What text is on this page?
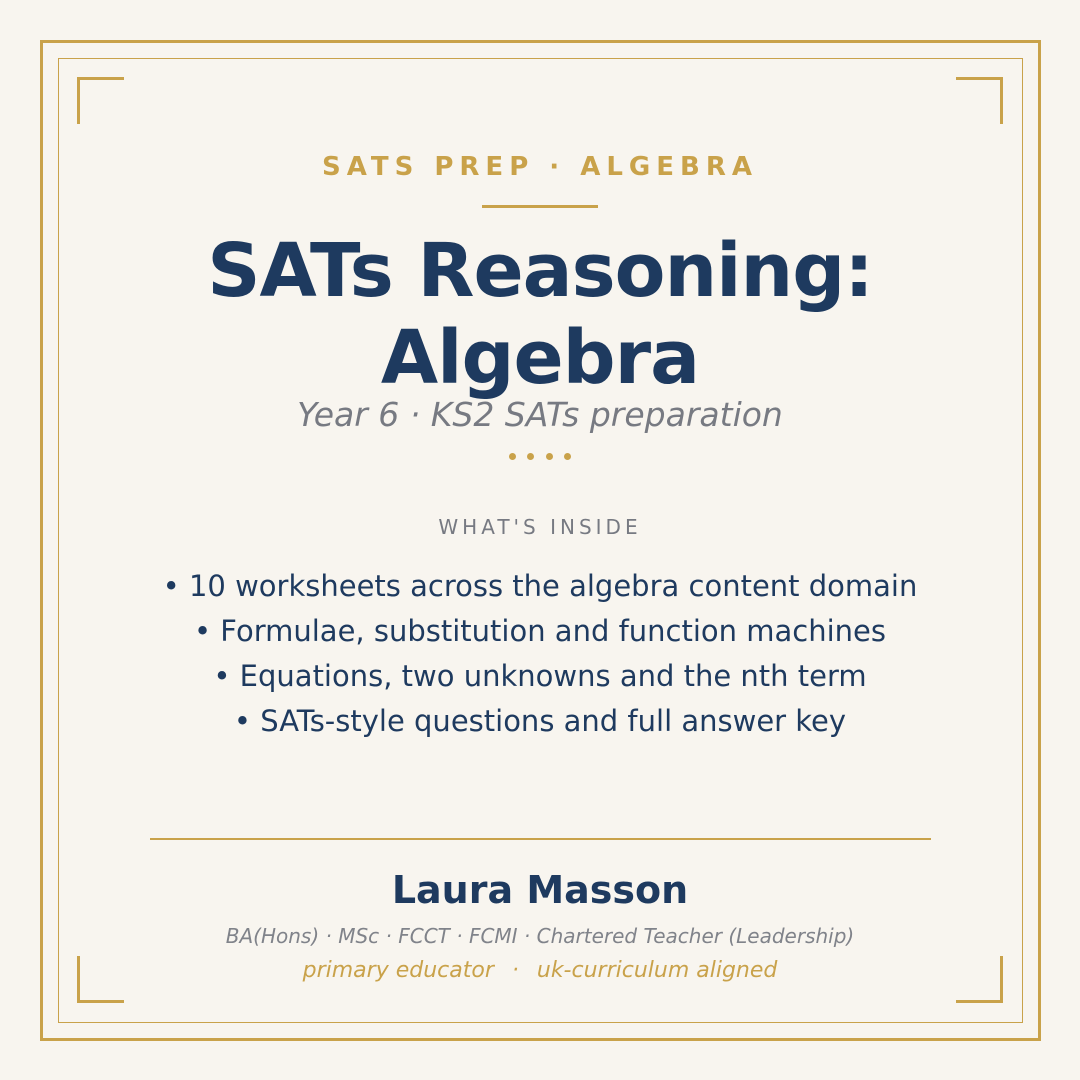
SATS PREP · ALGEBRA
SATs Reasoning:
Algebra
Year 6 · KS2 SATs preparation
WHAT'S INSIDE
• 10 worksheets across the algebra content domain
• Formulae, substitution and function machines
• Equations, two unknowns and the nth term
• SATs-style questions and full answer key
Laura Masson
BA(Hons) · MSc · FCCT · FCMI · Chartered Teacher (Leadership)
primary educator · uk-curriculum aligned
